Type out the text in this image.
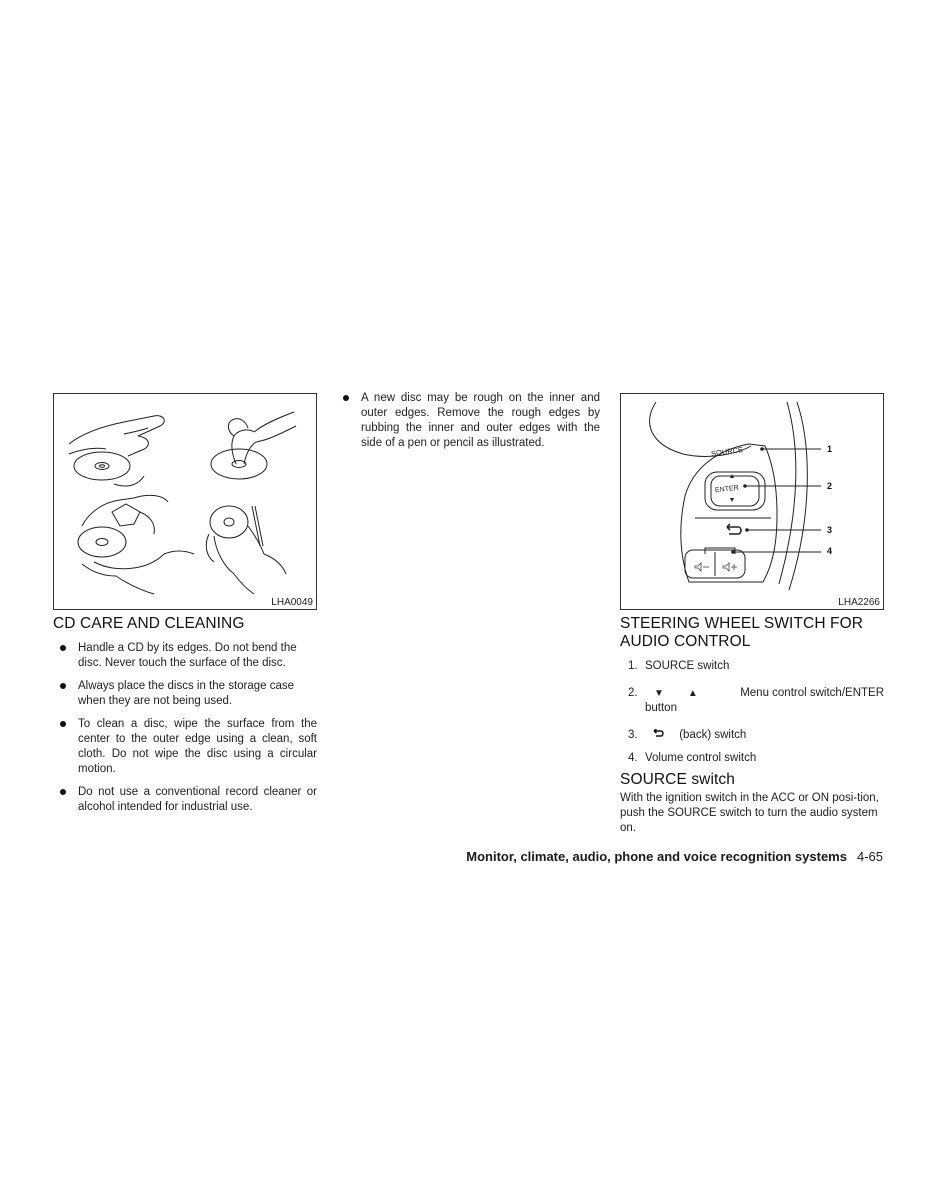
LHA0049
SOURCE
ENTER
1
2
3
4
LHA2266
CD CARE AND CLEANING
Handle a CD by its edges. Do not bend the disc. Never touch the surface of the disc.
Always place the discs in the storage case when they are not being used.
To clean a disc, wipe the surface from the center to the outer edge using a clean, soft cloth. Do not wipe the disc using a circular motion.
Do not use a conventional record cleaner or alcohol intended for industrial use.
A new disc may be rough on the inner and outer edges. Remove the rough edges by rubbing the inner and outer edges with the side of a pen or pencil as illustrated.
STEERING WHEEL SWITCH FOR AUDIO CONTROL
1. SOURCE switch
2. ▼ ▲	Menu control switch/ENTER
button
3.	(back) switch
4. Volume control switch
SOURCE switch
With the ignition switch in the ACC or ON posi-tion, push the SOURCE switch to turn the audio system on.
Monitor, climate, audio, phone and voice recognition systems 4-65
